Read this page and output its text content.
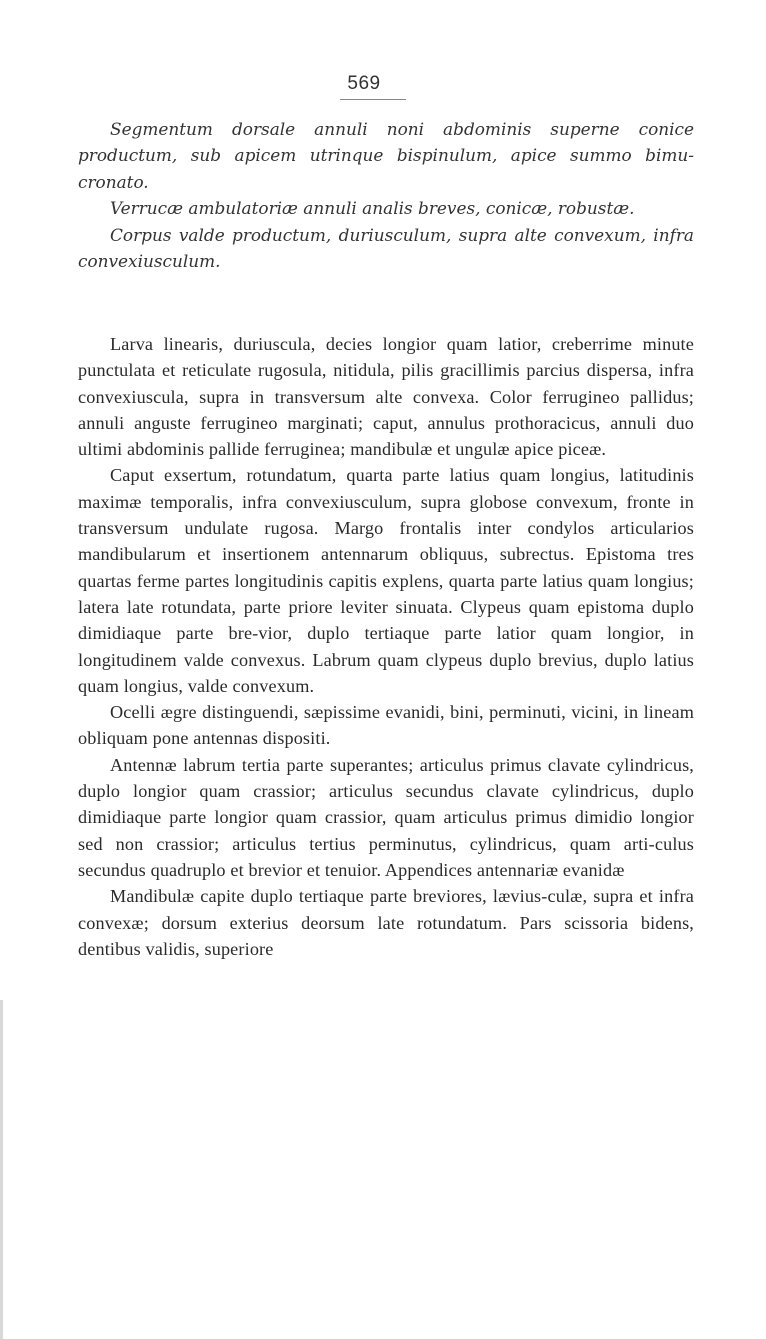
569

Segmentum dorsale annuli noni abdominis superne conice productum, sub apicem utrinque bispinulum, apice summo bimu-cronato.

Verrucæ ambulatoriæ annuli analis breves, conicæ, robustæ.

Corpus valde productum, duriusculum, supra alte convexum, infra convexiusculum.

Larva linearis, duriuscula, decies longior quam latior, creberrime minute punctulata et reticulate rugosula, nitidula, pilis gracillimis parcius dispersa, infra convexiuscula, supra in transversum alte convexa. Color ferrugineo pallidus; annuli anguste ferrugineo marginati; caput, annulus prothoracicus, annuli duo ultimi abdominis pallide ferruginea; mandibulæ et ungulæ apice piceæ.

Caput exsertum, rotundatum, quarta parte latius quam longius, latitudinis maximæ temporalis, infra convexiusculum, supra globose convexum, fronte in transversum undulate rugosa. Margo frontalis inter condylos articularios mandibularum et insertionem antennarum obliquus, subrectus. Epistoma tres quartas ferme partes longitudinis capitis explens, quarta parte latius quam longius; latera late rotundata, parte priore leviter sinuata. Clypeus quam epistoma duplo dimidiaque parte bre-vior, duplo tertiaque parte latior quam longior, in longitudinem valde convexus. Labrum quam clypeus duplo brevius, duplo latius quam longius, valde convexum.

Ocelli ægre distinguendi, sæpissime evanidi, bini, perminuti, vicini, in lineam obliquam pone antennas dispositi.

Antennæ labrum tertia parte superantes; articulus primus clavate cylindricus, duplo longior quam crassior; articulus secundus clavate cylindricus, duplo dimidiaque parte longior quam crassior, quam articulus primus dimidio longior sed non crassior; articulus tertius perminutus, cylindricus, quam arti-culus secundus quadruplo et brevior et tenuior. Appendices antennariæ evanidæ

Mandibulæ capite duplo tertiaque parte breviores, lævius-culæ, supra et infra convexæ; dorsum exterius deorsum late rotundatum. Pars scissoria bidens, dentibus validis, superiore
